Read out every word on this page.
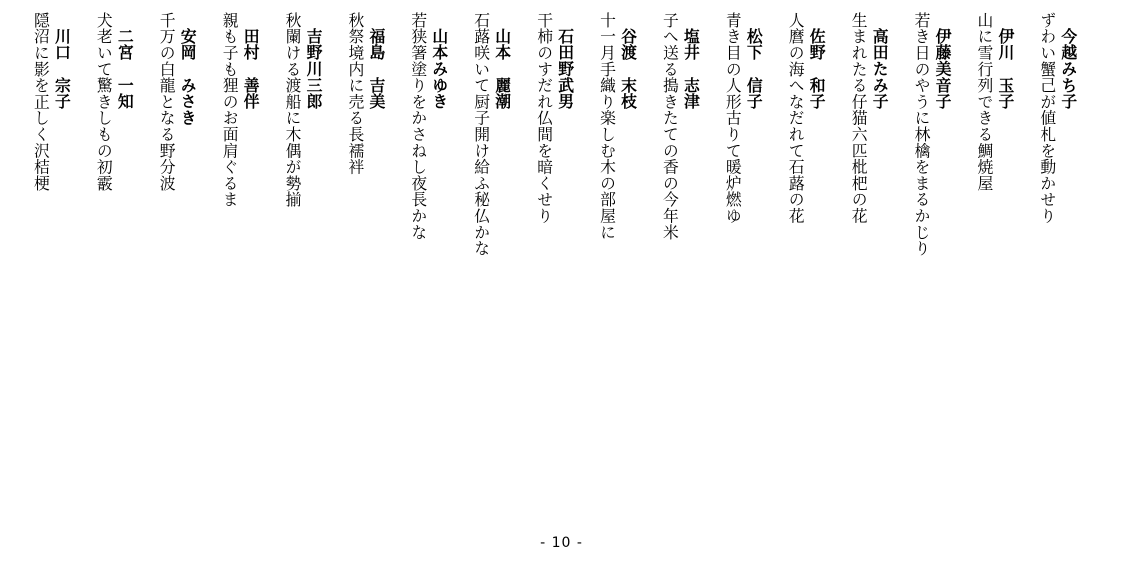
今越みち子
ずわい蟹己が値札を動かせり
伊川　玉子
山に雪行列できる鯛焼屋
伊藤美音子
若き日のやうに林檎をまるかじり
高田たみ子
生まれたる仔猫六匹枇杷の花
佐野　和子
人麿の海へなだれて石蕗の花
松下　信子
青き目の人形古りて暖炉燃ゆ
塩井　志津
子へ送る搗きたての香の今年米
谷渡　末枝
十一月手織り楽しむ木の部屋に
石田野武男
干柿のすだれ仏間を暗くせり
山本　麗潮
石蕗咲いて厨子開け給ふ秘仏かな
山本みゆき
若狭箸塗りをかさねし夜長かな
福島　吉美
秋祭境内に売る長襦袢
吉野川三郎
秋闌ける渡船に木偶が勢揃
田村　善伴
親も子も狸のお面肩ぐるま
安岡　みさき
千万の白龍となる野分波
二宮　一知
犬老いて驚きしもの初霰
川口　宗子
隠沼に影を正しく沢桔梗
- 10 -
